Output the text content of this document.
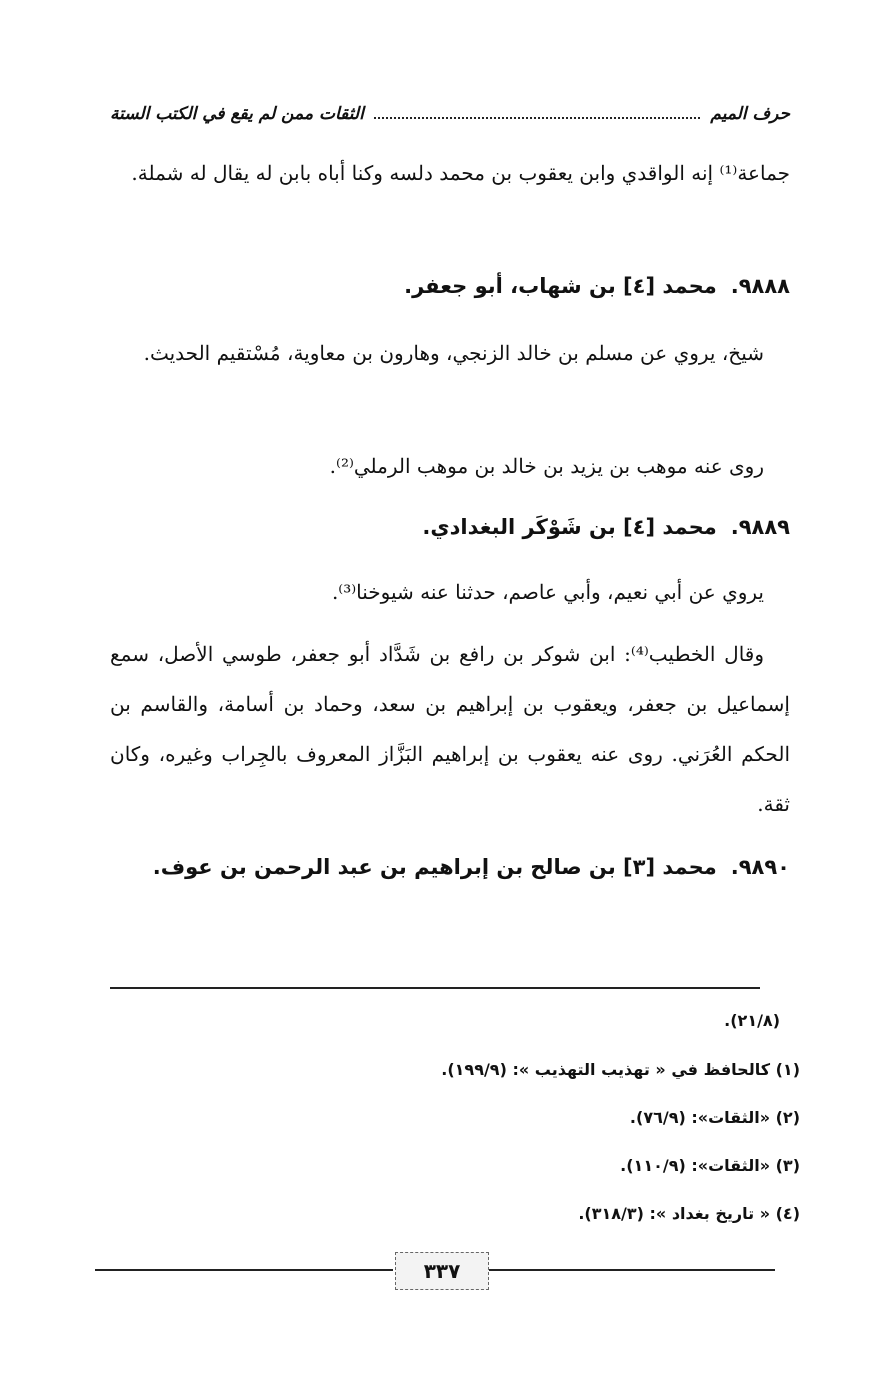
حرف الميم
الثقات ممن لم يقع في الكتب الستة
جماعة⁽¹⁾ إنه الواقدي وابن يعقوب بن محمد دلسه وكنا أباه بابن له يقال له شملة.
٩٨٨٨.محمد [٤] بن شهاب، أبو جعفر.
شيخ، يروي عن مسلم بن خالد الزنجي، وهارون بن معاوية، مُسْتقيم الحديث.
روى عنه موهب بن يزيد بن خالد بن موهب الرملي⁽²⁾.
٩٨٨٩.محمد [٤] بن شَوْكَر البغدادي.
يروي عن أبي نعيم، وأبي عاصم، حدثنا عنه شيوخنا⁽³⁾.
وقال الخطيب⁽⁴⁾: ابن شوكر بن رافع بن شَدَّاد أبو جعفر، طوسي الأصل، سمع إسماعيل بن جعفر، ويعقوب بن إبراهيم بن سعد، وحماد بن أسامة، والقاسم بن الحكم العُرَني. روى عنه يعقوب بن إبراهيم البَزَّاز المعروف بالجِراب وغيره، وكان ثقة.
٩٨٩٠.محمد [٣] بن صالح بن إبراهيم بن عبد الرحمن بن عوف.
(٢١/٨).
(١) كالحافظ في « تهذيب التهذيب »: (١٩٩/٩).
(٢) «الثقات»: (٧٦/٩).
(٣) «الثقات»: (١١٠/٩).
(٤) « تاريخ بغداد »: (٣١٨/٣).
٣٣٧
